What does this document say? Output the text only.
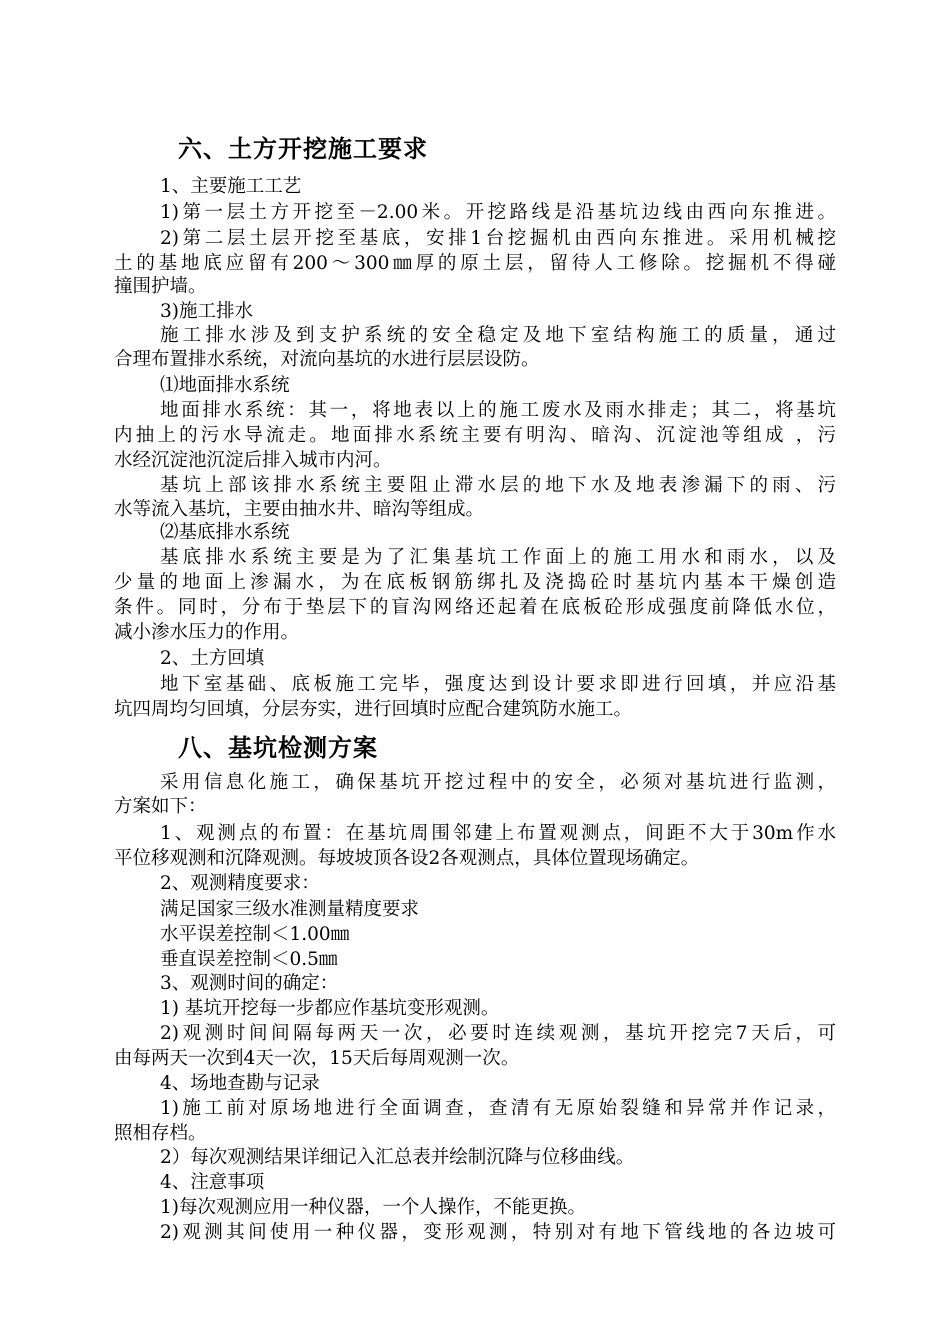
六、土方开挖施工要求
1、主要施工工艺
1)第一层土方开挖至－2.00米。开挖路线是沿基坑边线由西向东推进。
2)第二层土层开挖至基底，安排1台挖掘机由西向东推进。采用机械挖
土的基地底应留有200～300㎜厚的原土层，留待人工修除。挖掘机不得碰
撞围护墙。
3)施工排水
施工排水涉及到支护系统的安全稳定及地下室结构施工的质量，通过
合理布置排水系统，对流向基坑的水进行层层设防。
⑴地面排水系统
地面排水系统：其一，将地表以上的施工废水及雨水排走；其二，将基坑
内抽上的污水导流走。地面排水系统主要有明沟、暗沟、沉淀池等组成 ，污
水经沉淀池沉淀后排入城市内河。
基坑上部该排水系统主要阻止滞水层的地下水及地表渗漏下的雨、污
水等流入基坑，主要由抽水井、暗沟等组成。
⑵基底排水系统
基底排水系统主要是为了汇集基坑工作面上的施工用水和雨水，以及
少量的地面上渗漏水，为在底板钢筋绑扎及浇捣砼时基坑内基本干燥创造
条件。同时，分布于垫层下的盲沟网络还起着在底板砼形成强度前降低水位，
减小渗水压力的作用。
2、土方回填
地下室基础、底板施工完毕，强度达到设计要求即进行回填，并应沿基
坑四周均匀回填，分层夯实，进行回填时应配合建筑防水施工。
八、基坑检测方案
采用信息化施工，确保基坑开挖过程中的安全，必须对基坑进行监测，
方案如下：
1、观测点的布置：在基坑周围邻建上布置观测点，间距不大于30m作水
平位移观测和沉降观测。每坡坡顶各设2各观测点，具体位置现场确定。
2、观测精度要求：
满足国家三级水准测量精度要求
水平误差控制＜1.00㎜
垂直误差控制＜0.5㎜
3、观测时间的确定：
1) 基坑开挖每一步都应作基坑变形观测。
2)观测时间间隔每两天一次，必要时连续观测，基坑开挖完7天后，可
由每两天一次到4天一次，15天后每周观测一次。
4、场地查勘与记录
1)施工前对原场地进行全面调查，查清有无原始裂缝和异常并作记录，
照相存档。
2）每次观测结果详细记入汇总表并绘制沉降与位移曲线。
4、注意事项
1)每次观测应用一种仪器，一个人操作，不能更换。
2)观测其间使用一种仪器，变形观测，特别对有地下管线地的各边坡可
